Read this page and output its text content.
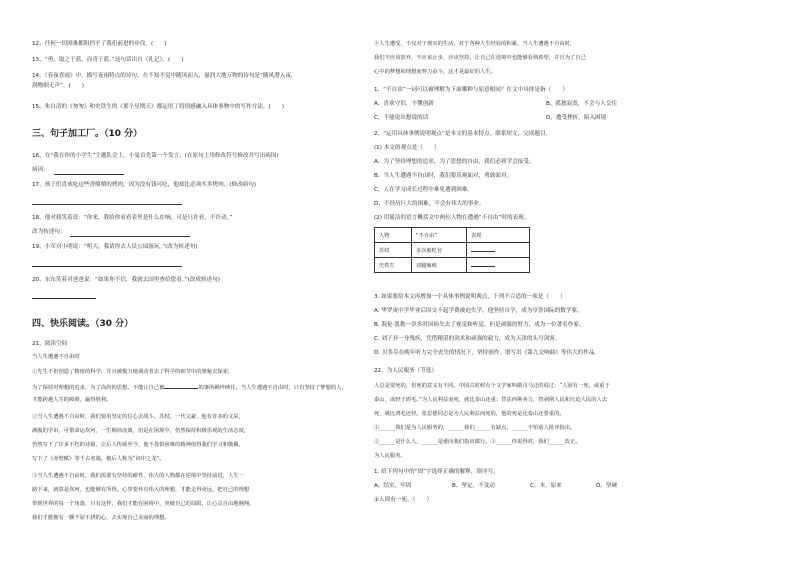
12、任何一切困难都阻挡不了我们前进的步伐。(　　)
13、“勇，取之于蓝，而青于蓝。”这句话出自《礼记》。(　　)
14、《春夜喜雨》中，描写夜雨特点的诗句，在不知不觉中随风而入，滋润大地万物的诗句是“随风潜入夜，
润物细无声”。(　　)
15、朱自清的《匆匆》和史铁生的《那个星期天》都运用了将情感融入具体事物中的写作方法。(　　)
三、句子加工厂。（10 分）
16、在“我在你的小学生”主题队会上，小曼首先第一个发言。(在原句上用修改符号修改并写出病因)
病因：
17、孩子们喜欢吃这些香喷喷的烤肉，因为没有钱可吃，他却比必须买多烤肉。(修改病句)
18、他对我笑着说：“你来，我给你看看表里是什么在响，可是只许看，不许动。”
改为转述句：
19、小军对小明说：“明天，我请你去人民公园游玩。”(改为转述句)
20、东东笑着对爸爸说：“如果你不信，我就去国里查给您看。”(改成转述句)
四、快乐阅读。（30 分）
21、阅读空间
当人生遭遇不自由时
①先生不但创造了精密的科学，并且被极力地调动者去了科学的细节中的奥秘去探索，
为了保持对理想的追求，为了高尚的思想，不能让自己被	的事所羁绊缚住。当人生遭遇不自由时，只有坚持了梦想的人，
才能跨越人生的障碍，赢得胜利。
②当人生遭遇不自由时，我们要用坚定的信心去战斗。苏轼，一代文豪，他有许多的文采，
满腹的学识，可惜命运坎坷，一生颠沛流离，但是在困境中，仍然保持积极乐观的生活态度，
仍然写下了许多不朽的诗篇，让后人传颂至今，他不畏惧困难的精神值得我们学习和敬佩，
写下了《赤壁赋》等千古名篇，被后人称为“词中之龙”。
③当人生遭遇不自由时，我们需要有坚持的耐性，伟大的人物都在逆境中坚持前进，人生一
路下来，就算是坎坷，也能够有所得。心里要怀有伟大的理想，才能走得更远，把自己的理想
带到世界的每一个角落，只有这样，我们才能在困境中，突破自己的局限，让心灵自由地翱翔，
我们才能拥有一颗不屈不挠的心，去实现自己美丽的理想。
④人生遭受，不仅对于现实的生活，对于各种人生经验的积累，当人生遭遇不自由时，
我们不应该放弃，不应该止步，应该坚持。让自己在逆境中也能够看到希望，并且为了自己
心中的梦想和理想而努力奋斗，这才是最好的人生。
1、“不自由”一词可以被理解为下面哪种与原意相同？在文中具体是指（　　）
A、喜欢守旧，不懂创新	B、孤独寂寞，不会与人交往
C、不能说出想说的话	D、遭受挫折，陷入困境
2、“运用具体事例说明观点”是本文的基本特点。联系短文，完成题目。
(1) 本文的观点是（　　）
A、为了坚持理想的追求，为了思想的自由，我们必须学会接受。
B、当人生遭遇不自由时，我们要乐观面对，勇敢面对。
C、人在学习成长过程中难免遇到困难。
D、不经历巨大的困难，不会有伟大的事业。
(2) 用简洁的语言概括文中两位人物在遭遇“不自由”时的表现。
人物	“不自由”	表现
苏轼	多次被贬官	
史铁生	双腿瘫痪	
3. 如果要给本文再增加一个具体事例说明观点，下列不合适的一项是（　　）
A. 华罗庚中学毕业后因交不起学费被迫失学，他坚持自学，成为享誉国际的数学家。
B. 海伦·凯勒一岁多时因病失去了视觉和听觉，但是顽强的努力，成为一位著名作家。
C. 刘子非一身残疾，凭借精湛的剑术和顽强的毅力，成为天津的头号剑客。
D. 贝多芬在晚年听力完全丧失的情况下，坚持创作，谱写出《第九交响曲》等伟大的作品。
22、为人民服务（节选）
人总是要死的，但死的意义有不同。中国古时候有个文学家叫做司马迁的说过：“人固有一死，或重于
泰山，或轻于鸿毛。”为人民利益而死，就比泰山还重；替法西斯卖力，替剥削人民和压迫人民的人去
死，就比鸿毛还轻。张思德同志是为人民利益而死的，他的死是比泰山还要重的。
①______我们是为人民服务的，______我们______有缺点，______不怕别人批评指出。
②______是什么人，______是谁向我们指出都行。③______你说得对，我们______改正。
为人民服务。
1. 给下列句中的“固”字选择正确的解释，填序号。
A、结实，牢固	B、坚定，不变动	C、本，原来	D、坚硬
①人固有一死。（　　）
